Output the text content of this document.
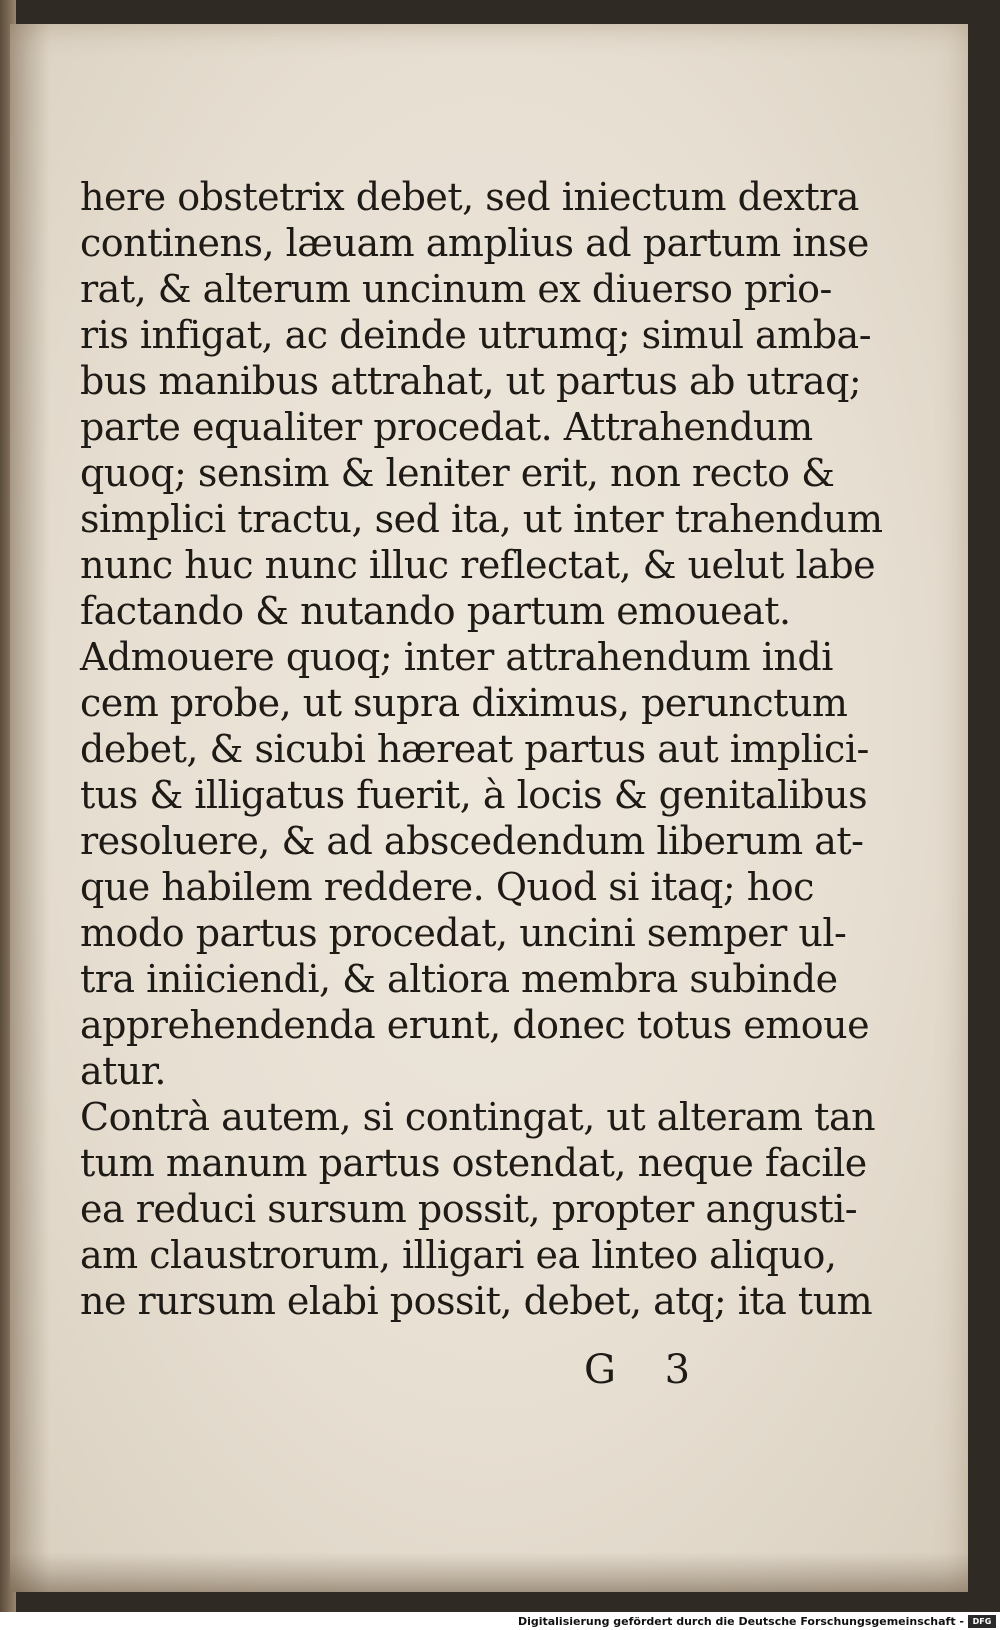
here obstetrix debet, sed iniectum dextra
continens, læuam amplius ad partum inse
rat, & alterum uncinum ex diuerso prio-
ris infigat, ac deinde utrumq; simul amba-
bus manibus attrahat, ut partus ab utraq;
parte equaliter procedat. Attrahendum
quoq; sensim & leniter erit, non recto &
simplici tractu, sed ita, ut inter trahendum
nunc huc nunc illuc reflectat, & uelut labe
factando & nutando partum emoueat.
Admouere quoq; inter attrahendum indi
cem probe, ut supra diximus, perunctum
debet, & sicubi hæreat partus aut implici-
tus & illigatus fuerit, à locis & genitalibus
resoluere, & ad abscedendum liberum at-
que habilem reddere. Quod si itaq; hoc
modo partus procedat, uncini semper ul-
tra iniiciendi, & altiora membra subinde
apprehendenda erunt, donec totus emoue
atur.
Contrà autem, si contingat, ut alteram tan
tum manum partus ostendat, neque facile
ea reduci sursum possit, propter angusti-
am claustrorum, illigari ea linteo aliquo,
ne rursum elabi possit, debet, atq; ita tum
G 3
Digitalisierung gefördert durch die Deutsche Forschungsgemeinschaft -	DFG
